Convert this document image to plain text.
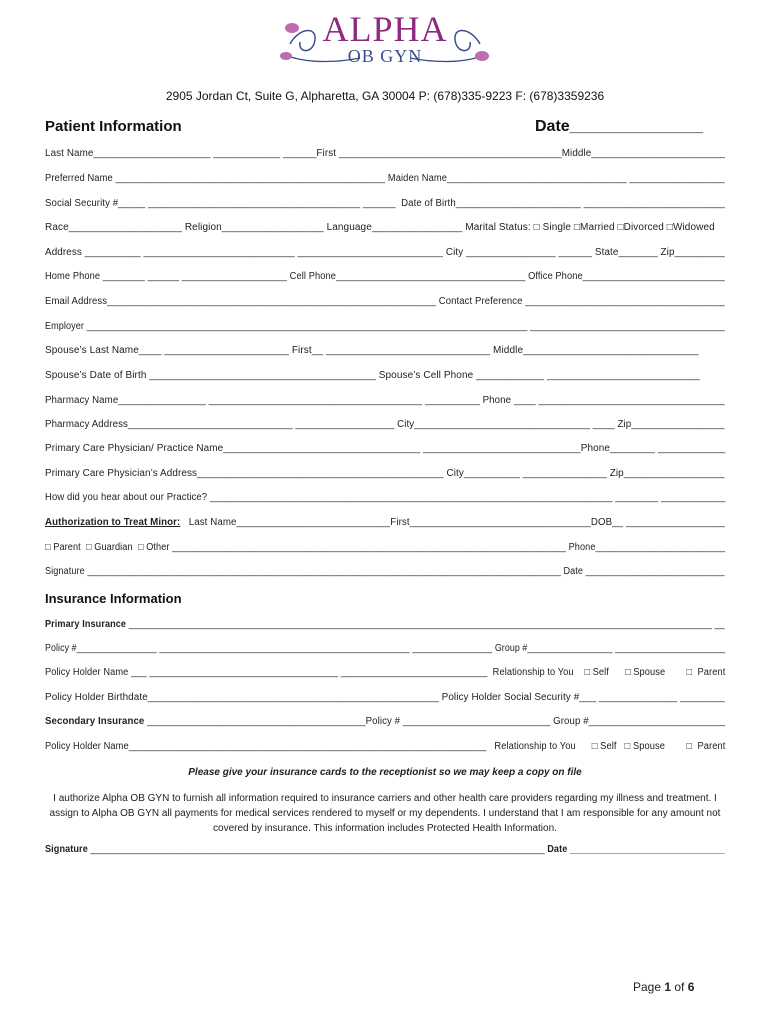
ALPHA
OB GYN
2905 Jordan Ct, Suite G, Alpharetta, GA 30004 P: (678)335-9223 F: (678)3359236
Patient Information	Date_______________
Last Name_____________________ ____________ ______First ________________________________________Middle________________________
Preferred Name ___________________________________________________ Maiden Name__________________________________ __________________
Social Security #_____ _______________________________________ ______  Date of Birth_______________________ __________________________
Race____________________ Religion__________________ Language________________ Marital Status: □ Single □Married □Divorced □Widowed
Address __________ ___________________________ __________________________ City ________________ ______ State_______ Zip_________
Home Phone ________ ______ ____________________ Cell Phone____________________________________ Office Phone___________________________
Email Address_____________________________________________________________ Contact Preference _____________________________________
Employer ______________________________________________________________________________________ ______________________________________
Spouse’s Last Name____ ______________________ First__ _____________________________ Middle_______________________________
Spouse’s Date of Birth ________________________________________ Spouse’s Cell Phone ____________ ___________________________
Pharmacy Name________________ _______________________________________ __________ Phone ____ __________________________________
Pharmacy Address______________________________ __________________ City________________________________ ____ Zip_________________
Primary Care Physician/ Practice Name___________________________________ ____________________________Phone________ ____________
Primary Care Physician’s Address____________________________________________ City__________ _______________ Zip__________________
How did you hear about our Practice? ___________________________________________________________________________ ________ ____________
Authorization to Treat Minor:   Last Name____________________________First_________________________________DOB__ __________________
□ Parent  □ Guardian  □ Other ____________________________________________________________________________ Phone_________________________
Signature ____________________________________________________________________________________________ Date ___________________________
Insurance Information
Primary Insurance _________________________________________________________________________________________________________________ __
Policy #________________ __________________________________________________ ________________ Group #_________________ ______________________
Policy Holder Name ___ ____________________________________ ____________________________  Relationship to You    □ Self      □ Spouse        □  Parent
Policy Holder Birthdate____________________________________________________ Policy Holder Social Security #___ ______________ ________
Secondary Insurance ________________________________________Policy # ___________________________ Group #_________________________
Policy Holder Name____________________________________________________________________   Relationship to You      □ Self   □ Spouse        □  Parent
Please give your insurance cards to the receptionist so we may keep a copy on file
I authorize Alpha OB GYN to furnish all information required to insurance carriers and other health care providers regarding my illness and treatment. I assign to Alpha OB GYN all payments for medical services rendered to myself or my dependents. I understand that I am responsible for any amount not covered by insurance. This information includes Protected Health Information.
Signature ________________________________________________________________________________________ Date ______________________________
Page 1 of 6
